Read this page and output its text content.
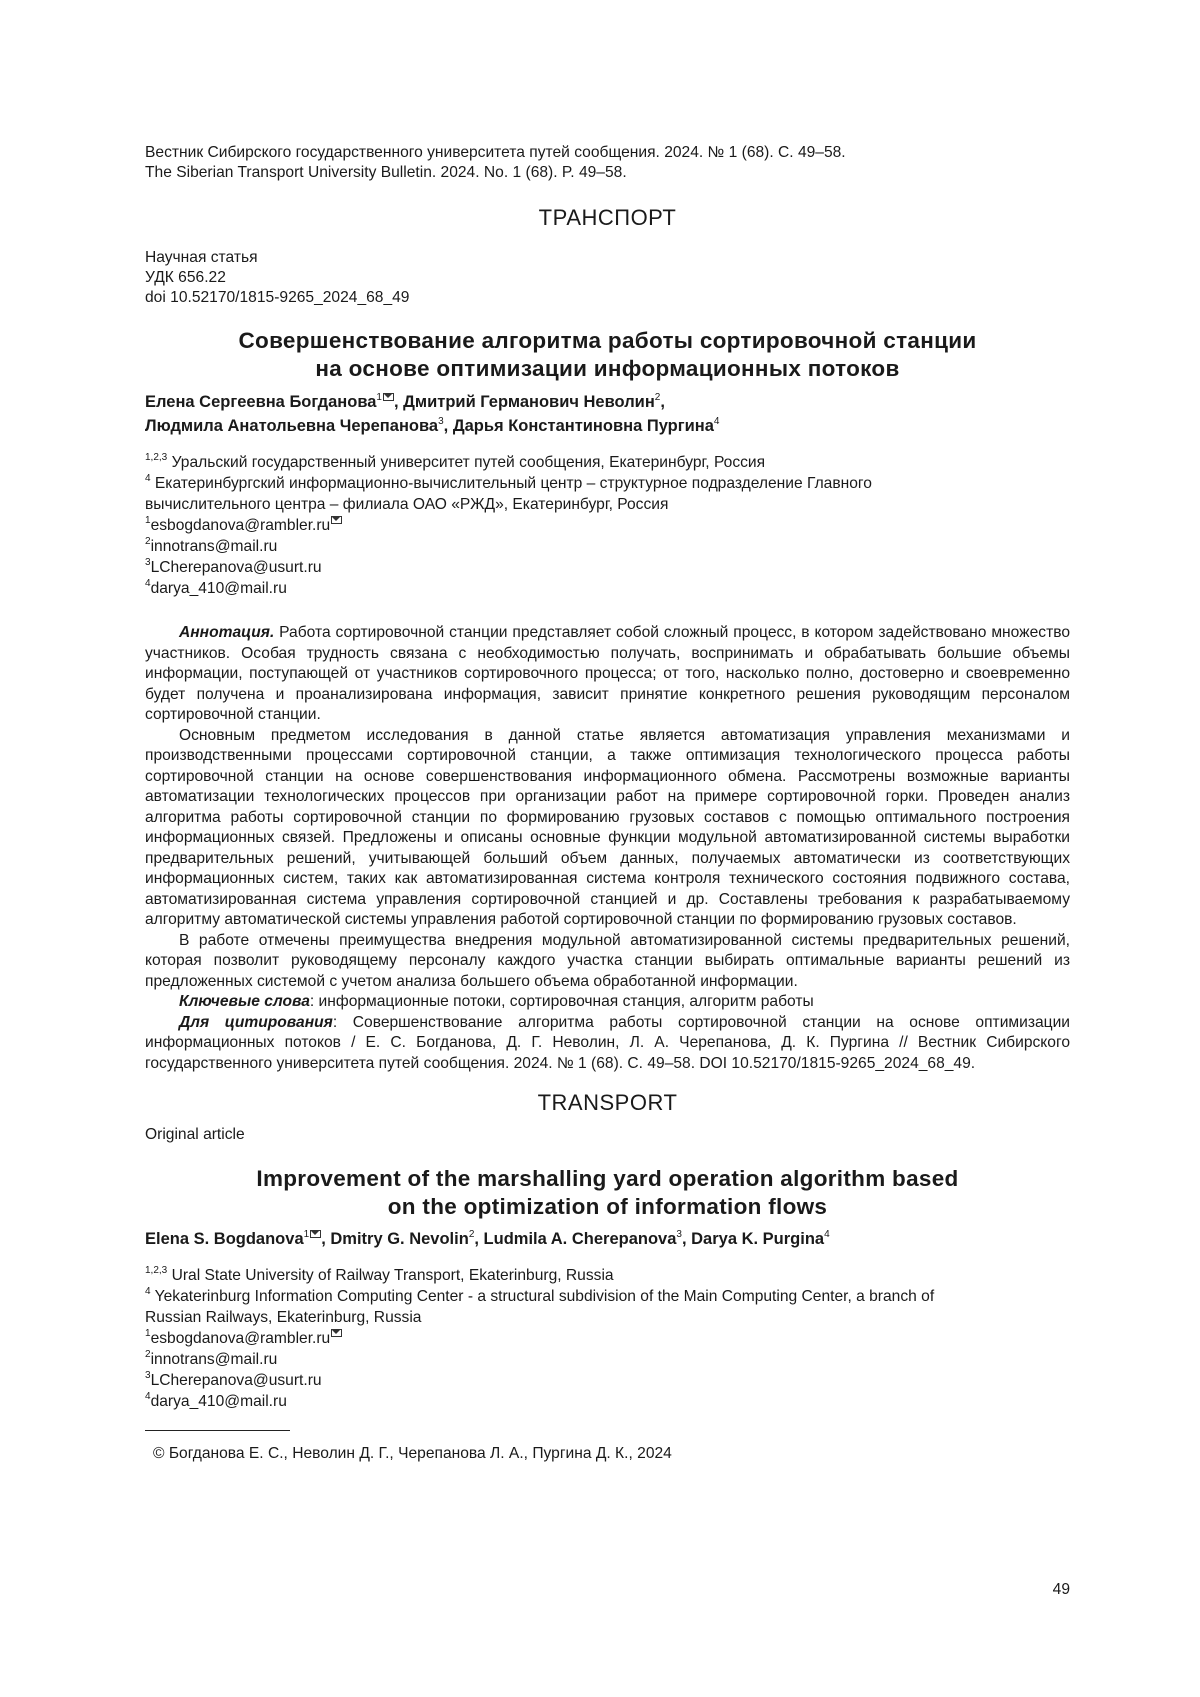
Вестник Сибирского государственного университета путей сообщения. 2024. № 1 (68). С. 49–58.
The Siberian Transport University Bulletin. 2024. No. 1 (68). P. 49–58.
ТРАНСПОРТ
Научная статья
УДК 656.22
doi 10.52170/1815-9265_2024_68_49
Совершенствование алгоритма работы сортировочной станции
на основе оптимизации информационных потоков
Елена Сергеевна Богданова1 , Дмитрий Германович Неволин2,
Людмила Анатольевна Черепанова3, Дарья Константиновна Пургина4
1,2,3 Уральский государственный университет путей сообщения, Екатеринбург, Россия
4 Екатеринбургский информационно-вычислительный центр – структурное подразделение Главного
вычислительного центра – филиала ОАО «РЖД», Екатеринбург, Россия
1esbogdanova@rambler.ru
2innotrans@mail.ru
3LCherepanova@usurt.ru
4darya_410@mail.ru
Аннотация. Работа сортировочной станции представляет собой сложный процесс, в котором задействовано множество участников. Особая трудность связана с необходимостью получать, воспринимать и обрабатывать большие объемы информации, поступающей от участников сортировочного процесса; от того, насколько полно, достоверно и своевременно будет получена и проанализирована информация, зависит принятие конкретного решения руководящим персоналом сортировочной станции.
Основным предметом исследования в данной статье является автоматизация управления механизмами и производственными процессами сортировочной станции, а также оптимизация технологического процесса работы сортировочной станции на основе совершенствования информационного обмена. Рассмотрены возможные варианты автоматизации технологических процессов при организации работ на примере сортировочной горки. Проведен анализ алгоритма работы сортировочной станции по формированию грузовых составов с помощью оптимального построения информационных связей. Предложены и описаны основные функции модульной автоматизированной системы выработки предварительных решений, учитывающей больший объем данных, получаемых автоматически из соответствующих информационных систем, таких как автоматизированная система контроля технического состояния подвижного состава, автоматизированная система управления сортировочной станцией и др. Составлены требования к разрабатываемому алгоритму автоматической системы управления работой сортировочной станции по формированию грузовых составов.
В работе отмечены преимущества внедрения модульной автоматизированной системы предварительных решений, которая позволит руководящему персоналу каждого участка станции выбирать оптимальные варианты решений из предложенных системой с учетом анализа большего объема обработанной информации.
Ключевые слова: информационные потоки, сортировочная станция, алгоритм работы
Для цитирования: Совершенствование алгоритма работы сортировочной станции на основе оптимизации информационных потоков / Е. С. Богданова, Д. Г. Неволин, Л. А. Черепанова, Д. К. Пургина // Вестник Сибирского государственного университета путей сообщения. 2024. № 1 (68). С. 49–58. DOI 10.52170/1815-9265_2024_68_49.
TRANSPORT
Original article
Improvement of the marshalling yard operation algorithm based
on the optimization of information flows
Elena S. Bogdanova1 , Dmitry G. Nevolin2, Ludmila A. Cherepanova3, Darya K. Purgina4
1,2,3 Ural State University of Railway Transport, Ekaterinburg, Russia
4 Yekaterinburg Information Computing Center - a structural subdivision of the Main Computing Center, a branch of
Russian Railways, Ekaterinburg, Russia
1esbogdanova@rambler.ru
2innotrans@mail.ru
3LCherepanova@usurt.ru
4darya_410@mail.ru
© Богданова Е. С., Неволин Д. Г., Черепанова Л. А., Пургина Д. К., 2024
49
